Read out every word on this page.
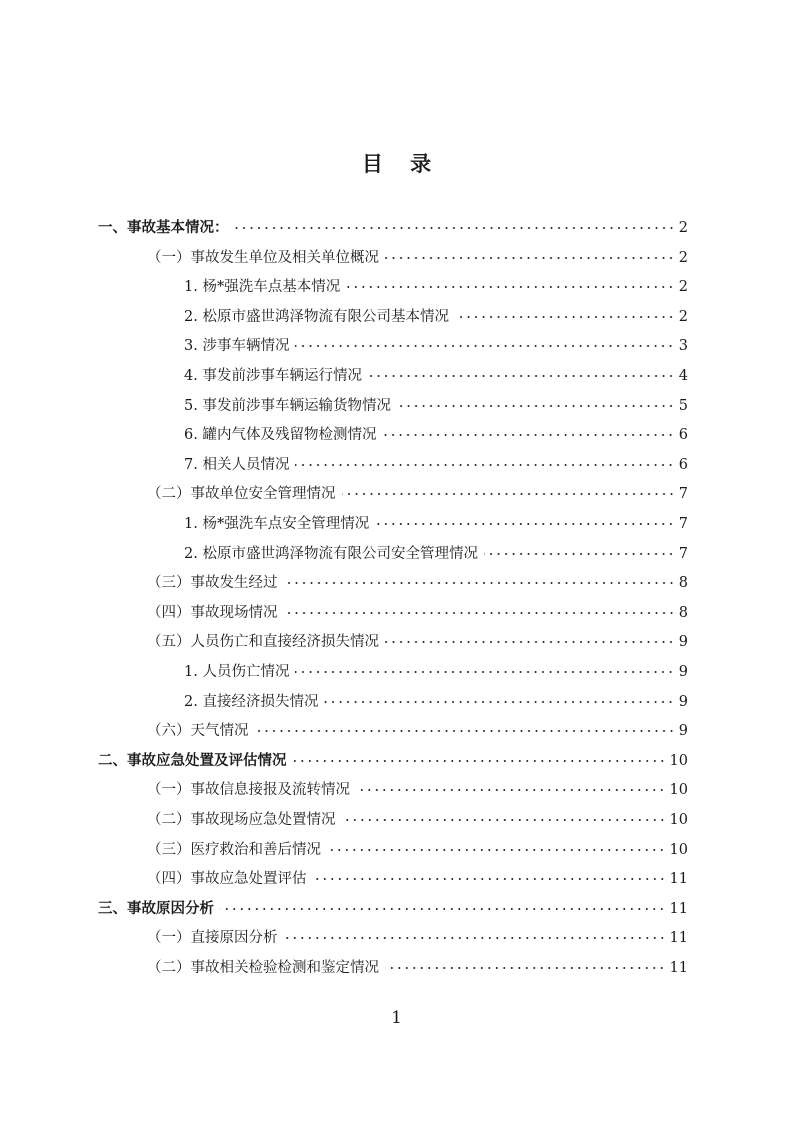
目 录
一、事故基本情况：	2
（一）事故发生单位及相关单位概况	2
1. 杨*强洗车点基本情况	2
2. 松原市盛世鸿泽物流有限公司基本情况	2
3. 涉事车辆情况	3
4. 事发前涉事车辆运行情况	4
5. 事发前涉事车辆运输货物情况	5
6. 罐内气体及残留物检测情况	6
7. 相关人员情况	6
（二）事故单位安全管理情况	7
1. 杨*强洗车点安全管理情况	7
2. 松原市盛世鸿泽物流有限公司安全管理情况	7
（三）事故发生经过	8
（四）事故现场情况	8
（五）人员伤亡和直接经济损失情况	9
1. 人员伤亡情况	9
2. 直接经济损失情况	9
（六）天气情况	9
二、事故应急处置及评估情况	10
（一）事故信息接报及流转情况	10
（二）事故现场应急处置情况	10
（三）医疗救治和善后情况	10
（四）事故应急处置评估	11
三、事故原因分析	11
（一）直接原因分析	11
（二）事故相关检验检测和鉴定情况	11
1
